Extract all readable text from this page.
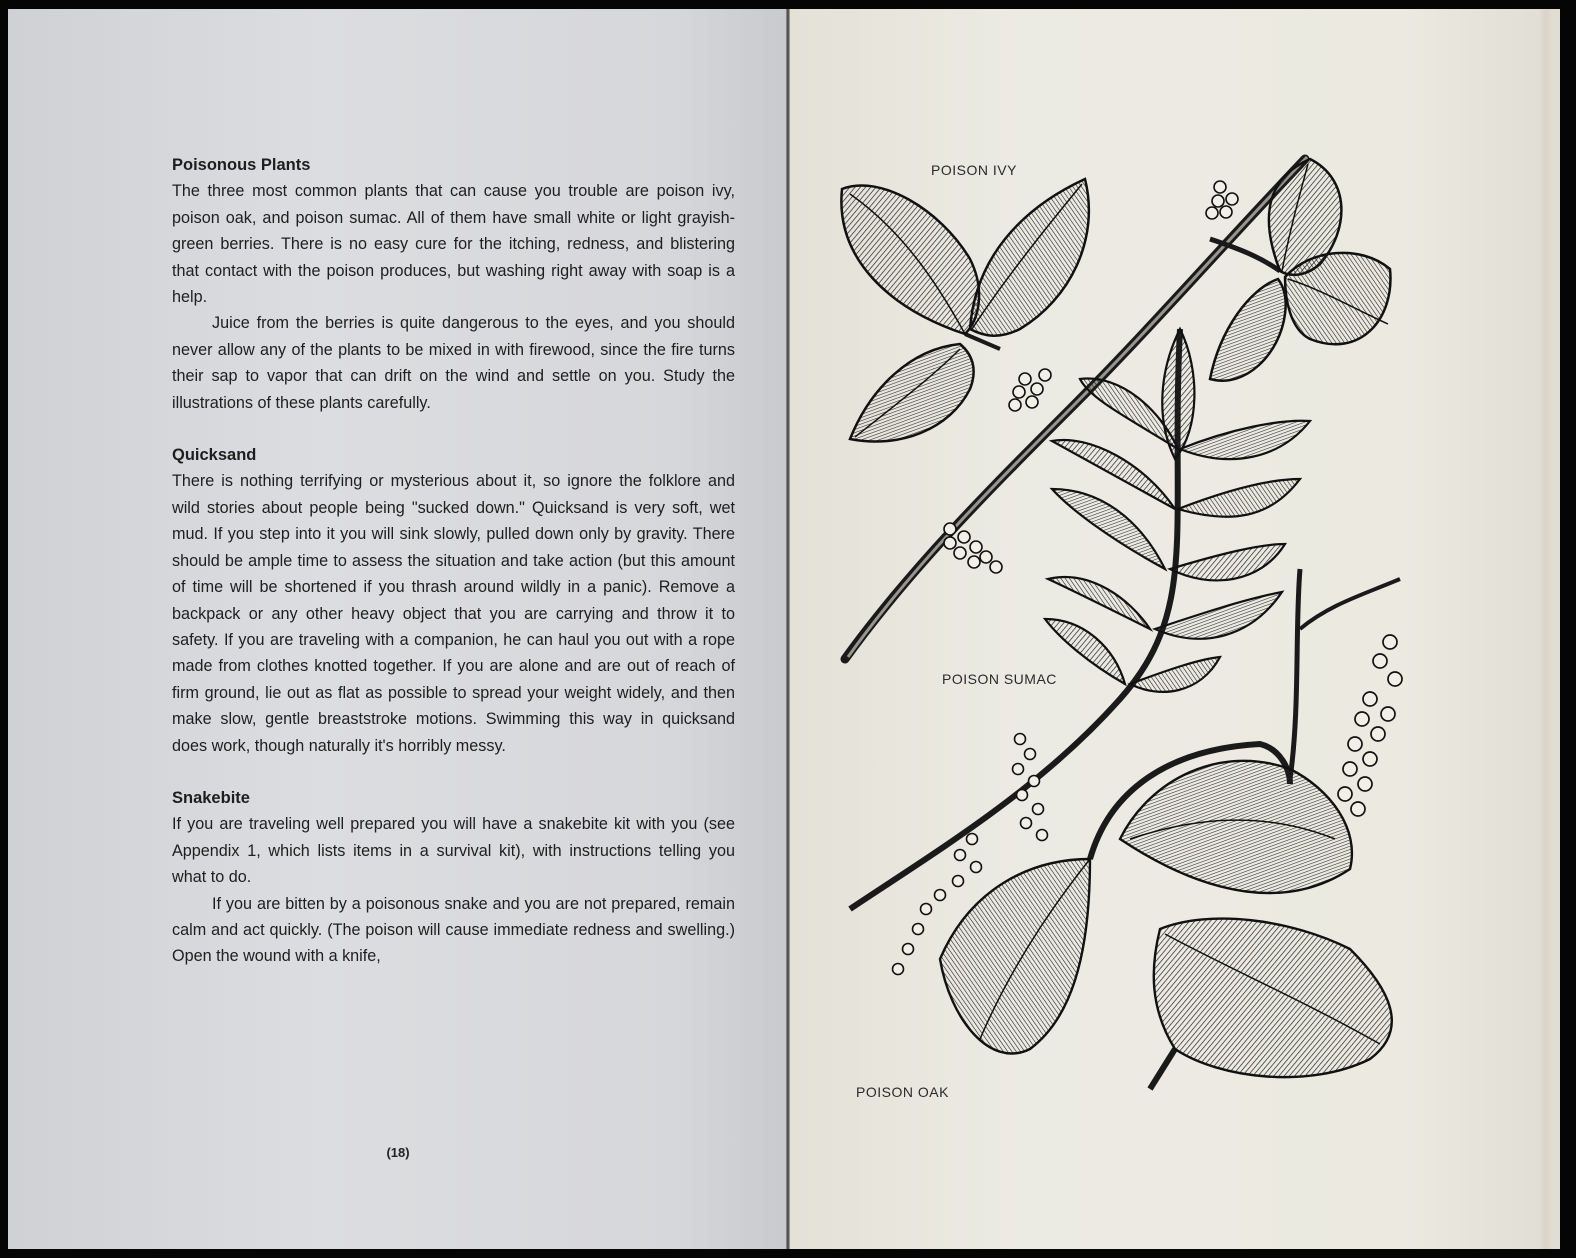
Poisonous Plants

The three most common plants that can cause you trouble are poison ivy, poison oak, and poison sumac. All of them have small white or light grayish-green berries. There is no easy cure for the itching, redness, and blistering that contact with the poison produces, but washing right away with soap is a help.

Juice from the berries is quite dangerous to the eyes, and you should never allow any of the plants to be mixed in with firewood, since the fire turns their sap to vapor that can drift on the wind and settle on you. Study the illustrations of these plants carefully.

Quicksand

There is nothing terrifying or mysterious about it, so ignore the folklore and wild stories about people being "sucked down." Quicksand is very soft, wet mud. If you step into it you will sink slowly, pulled down only by gravity. There should be ample time to assess the situation and take action (but this amount of time will be shortened if you thrash around wildly in a panic). Remove a backpack or any other heavy object that you are carrying and throw it to safety. If you are traveling with a companion, he can haul you out with a rope made from clothes knotted together. If you are alone and are out of reach of firm ground, lie out as flat as possible to spread your weight widely, and then make slow, gentle breaststroke motions. Swimming this way in quicksand does work, though naturally it's horribly messy.

Snakebite

If you are traveling well prepared you will have a snakebite kit with you (see Appendix 1, which lists items in a survival kit), with instructions telling you what to do.

If you are bitten by a poisonous snake and you are not prepared, remain calm and act quickly. (The poison will cause immediate redness and swelling.) Open the wound with a knife,

(18)
POISON IVY
POISON SUMAC
POISON OAK
